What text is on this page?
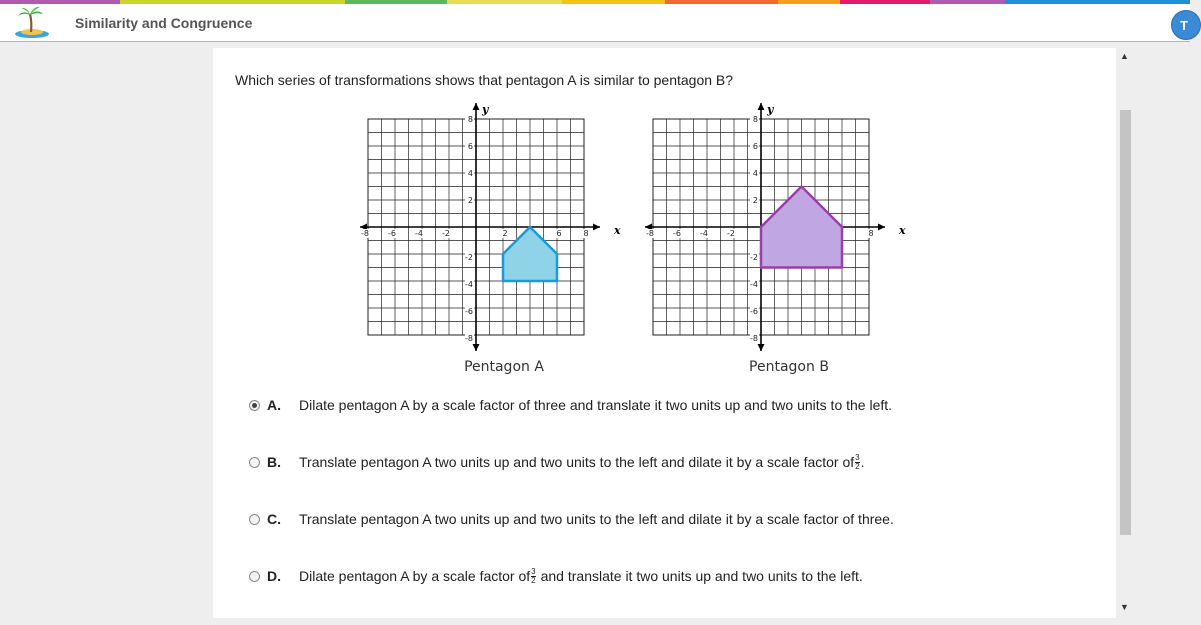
Similarity and Congruence	T
Which series of transformations shows that pentagon A is similar to pentagon B?
-8 -6 -4 -2	2	6	8
8
6
4
2
-2
-4
-6
-8
x
y
-8 -6 -4 -2	8
8
6
4
2
-2
-4
-6
-8
x
y
Pentagon A	Pentagon B
A.	Dilate pentagon A by a scale factor of three and translate it two units up and two units to the left.
B.	Translate pentagon A two units up and two units to the left and dilate it by a scale factor of $\frac{3}{2}$ .
C.	Translate pentagon A two units up and two units to the left and dilate it by a scale factor of three.
D.	Dilate pentagon A by a scale factor of $\frac{3}{2}$ and translate it two units up and two units to the left.
▲
▼
